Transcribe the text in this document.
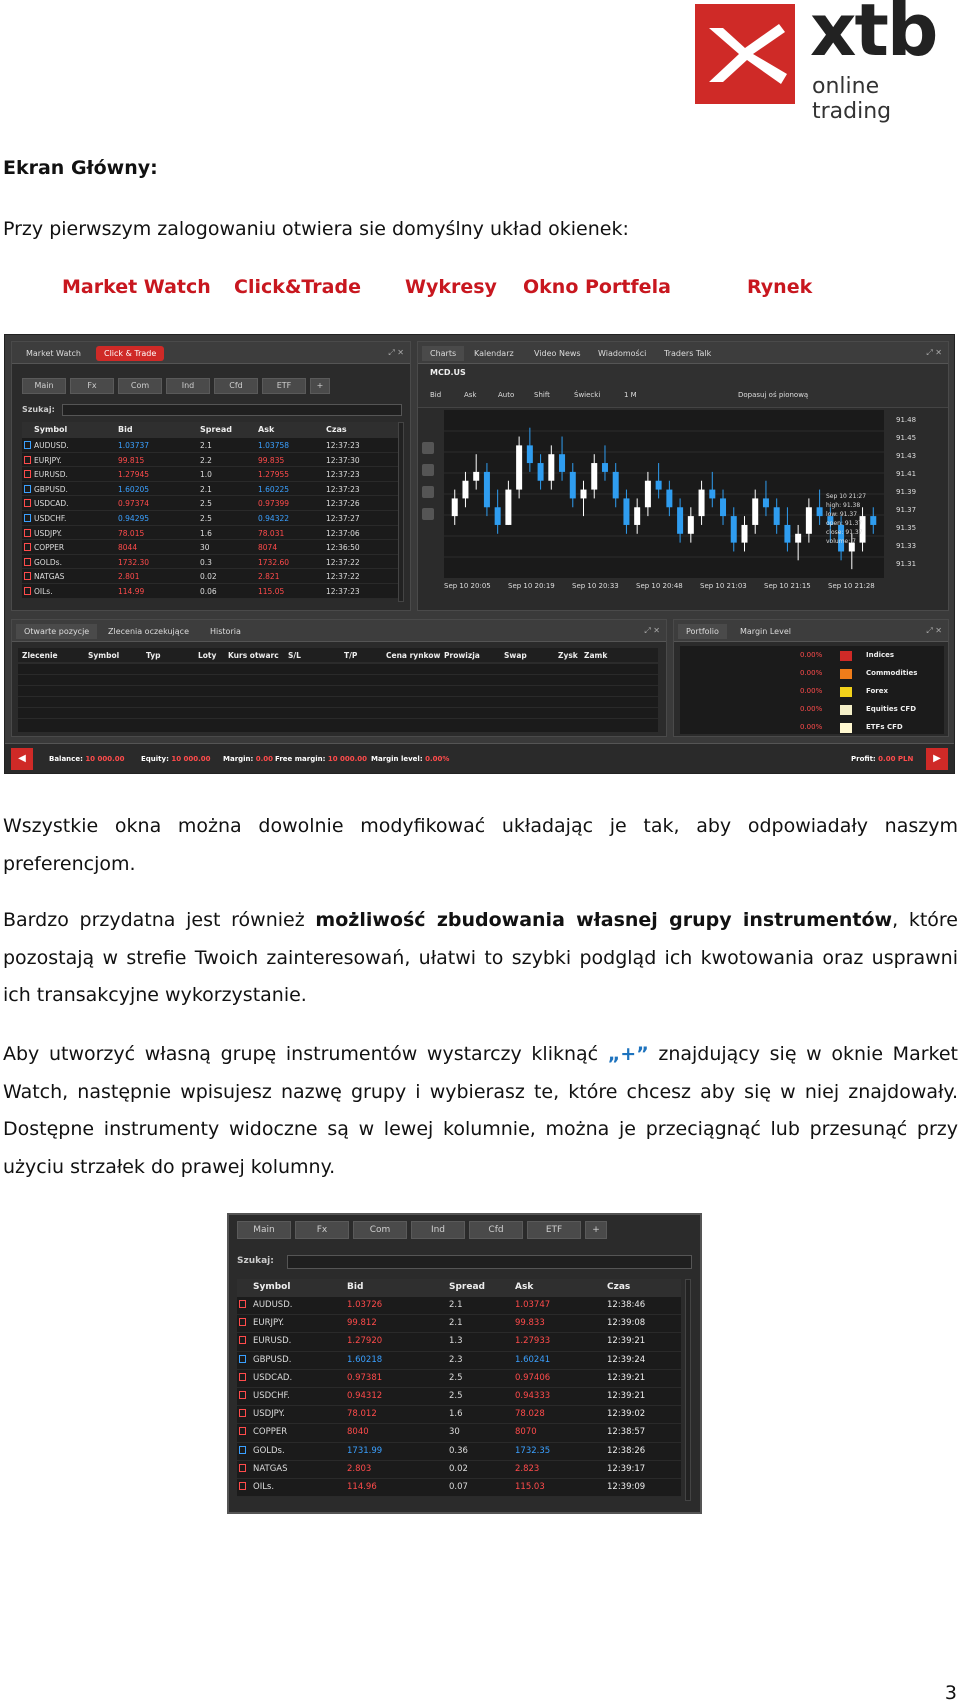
xtb
online trading
Ekran Główny:
Przy pierwszym zalogowaniu otwiera sie domyślny układ okienek:
Market Watch Click&Trade Wykresy Okno Portfela	Rynek
Market Watch	Click & Trade	⤢ ✕
Main	Fx	Com	Ind	Cfd	ETF	+
Szukaj:
Symbol	Bid	Spread	Ask	Czas
AUDUSD.	1.03737	2.1	1.03758	12:37:23
EURJPY.	99.815	2.2	99.835	12:37:30
EURUSD.	1.27945	1.0	1.27955	12:37:23
GBPUSD.	1.60205	2.1	1.60225	12:37:23
USDCAD.	0.97374	2.5	0.97399	12:37:26
USDCHF.	0.94295	2.5	0.94322	12:37:27
USDJPY.	78.015	1.6	78.031	12:37:06
COPPER	8044	30	8074	12:36:50
GOLDs.	1732.30	0.3	1732.60	12:37:22
NATGAS	2.801	0.02	2.821	12:37:22
OILs.	114.99	0.06	115.05	12:37:23
Charts	Kalendarz	Video News	Wiadomości	Traders Talk	⤢ ✕
MCD.US
Bid	Ask	Auto	Shift	Świecki	1 M	Dopasuj oś pionową
91.48
91.45
91.43
91.41
91.39
91.37
91.35
91.33
91.31
Sep 10 20:05 Sep 10 20:19 Sep 10 20:33 Sep 10 20:48 Sep 10 21:03 Sep 10 21:15 Sep 10 21:28
Sep 10 21:27
high: 91.38
low: 91.37
open: 91.37
close: 91.37
volume: 7
Otwarte pozycje	Zlecenia oczekujące	Historia	⤢ ✕
Zlecenie	Symbol	Typ	Loty Kurs otwarc S/L	T/P	Cena rynkow Prowizja	Swap	Zysk Zamk
Portfolio	Margin Level	⤢ ✕
0.00%	Indices
0.00%	Commodities
0.00%	Forex
0.00%	Equities CFD
0.00%	ETFs CFD
◀	Balance: 10 000.00 Equity: 10 000.00 Margin: 0.00 Free margin: 10 000.00 Margin level: 0.00%	Profit: 0.00 PLN	▶
Wszystkie okna można dowolnie modyfikować układając je tak, aby odpowiadały naszym preferencjom.
Bardzo przydatna jest również możliwość zbudowania własnej grupy instrumentów, które pozostają w strefie Twoich zainteresowań, ułatwi to szybki podgląd ich kwotowania oraz usprawni ich transakcyjne wykorzystanie.
Aby utworzyć własną grupę instrumentów wystarczy kliknąć „+” znajdujący się w oknie Market Watch, następnie wpisujesz nazwę grupy i wybierasz te, które chcesz aby się w niej znajdowały. Dostępne instrumenty widoczne są w lewej kolumnie, można je przeciągnąć lub przesunąć przy użyciu strzałek do prawej kolumny.
Main	Fx	Com	Ind	Cfd	ETF	+
Szukaj:
Symbol	Bid	Spread	Ask	Czas
AUDUSD.	1.03726	2.1	1.03747	12:38:46
EURJPY.	99.812	2.1	99.833	12:39:08
EURUSD.	1.27920	1.3	1.27933	12:39:21
GBPUSD.	1.60218	2.3	1.60241	12:39:24
USDCAD.	0.97381	2.5	0.97406	12:39:21
USDCHF.	0.94312	2.5	0.94333	12:39:21
USDJPY.	78.012	1.6	78.028	12:39:02
COPPER	8040	30	8070	12:38:57
GOLDs.	1731.99	0.36	1732.35	12:38:26
NATGAS	2.803	0.02	2.823	12:39:17
OILs.	114.96	0.07	115.03	12:39:09
3
